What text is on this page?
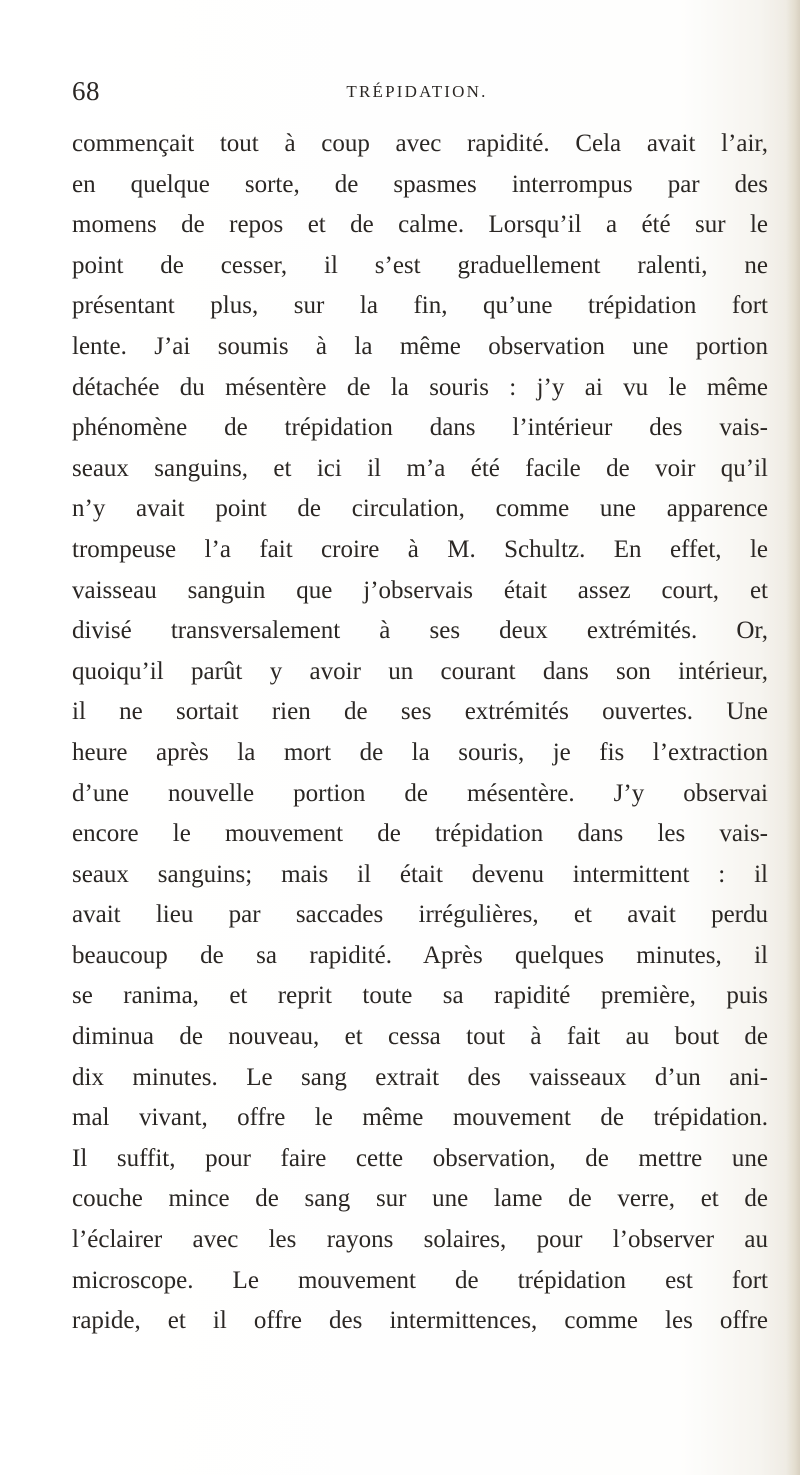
68	TRÉPIDATION.
commençait tout à coup avec rapidité. Cela avait l’air,
en quelque sorte, de spasmes interrompus par des
momens de repos et de calme. Lorsqu’il a été sur le
point de cesser, il s’est graduellement ralenti, ne
présentant plus, sur la fin, qu’une trépidation fort
lente. J’ai soumis à la même observation une portion
détachée du mésentère de la souris : j’y ai vu le même
phénomène de trépidation dans l’intérieur des vais-
seaux sanguins, et ici il m’a été facile de voir qu’il
n’y avait point de circulation, comme une apparence
trompeuse l’a fait croire à M. Schultz. En effet, le
vaisseau sanguin que j’observais était assez court, et
divisé transversalement à ses deux extrémités. Or,
quoiqu’il parût y avoir un courant dans son intérieur,
il ne sortait rien de ses extrémités ouvertes. Une
heure après la mort de la souris, je fis l’extraction
d’une nouvelle portion de mésentère. J’y observai
encore le mouvement de trépidation dans les vais-
seaux sanguins; mais il était devenu intermittent : il
avait lieu par saccades irrégulières, et avait perdu
beaucoup de sa rapidité. Après quelques minutes, il
se ranima, et reprit toute sa rapidité première, puis
diminua de nouveau, et cessa tout à fait au bout de
dix minutes. Le sang extrait des vaisseaux d’un ani-
mal vivant, offre le même mouvement de trépidation.
Il suffit, pour faire cette observation, de mettre une
couche mince de sang sur une lame de verre, et de
l’éclairer avec les rayons solaires, pour l’observer au
microscope. Le mouvement de trépidation est fort
rapide, et il offre des intermittences, comme les offre
